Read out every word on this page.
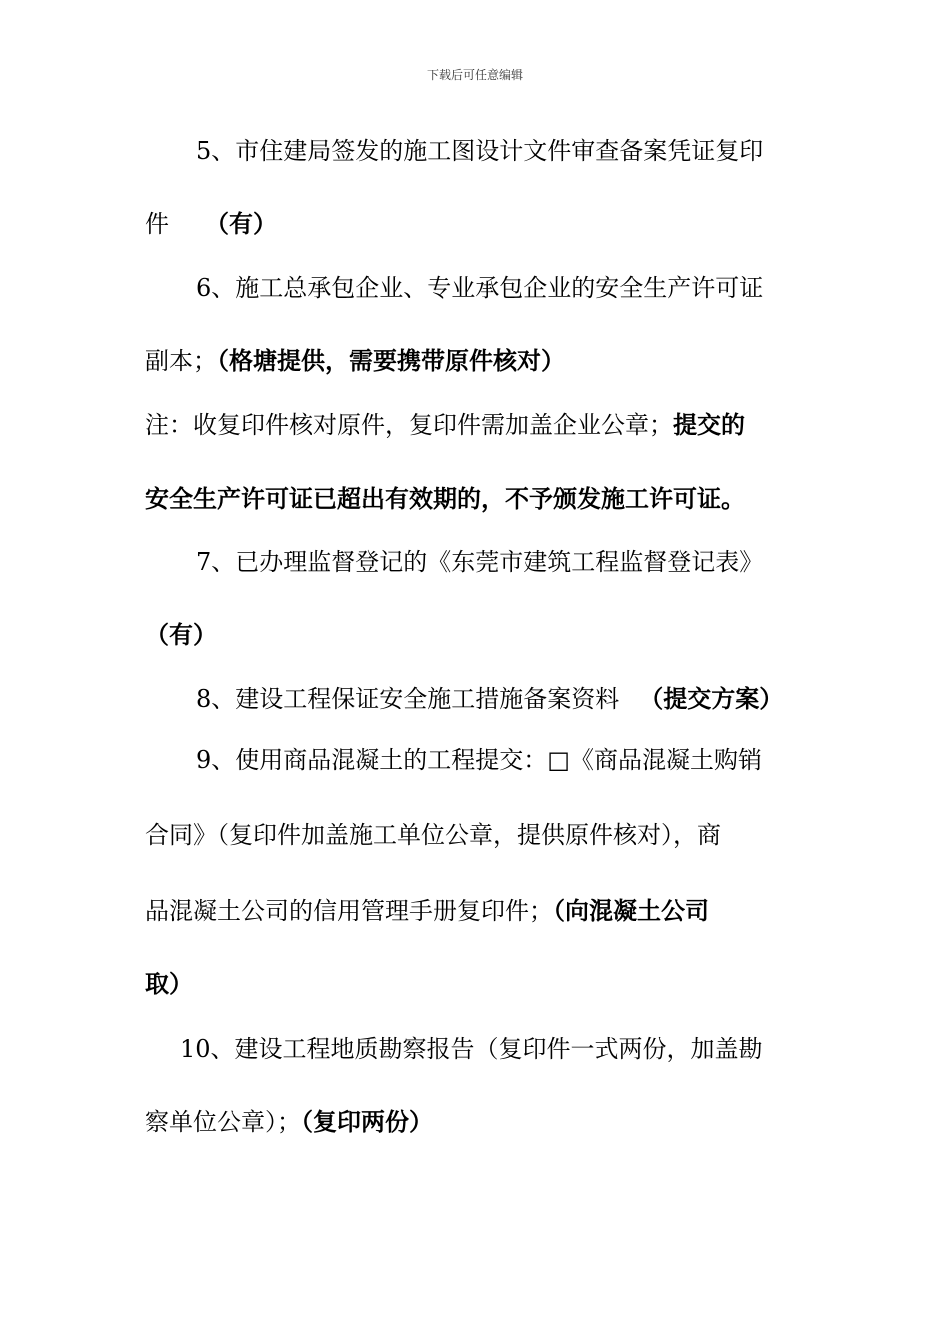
下载后可任意编辑
5、市住建局签发的施工图设计文件审查备案凭证复印
件 （有）
6、施工总承包企业、专业承包企业的安全生产许可证
副本；（格塘提供，需要携带原件核对）
注：收复印件核对原件，复印件需加盖企业公章；提交的
安全生产许可证已超出有效期的，不予颁发施工许可证。
7、已办理监督登记的《东莞市建筑工程监督登记表》
（有）
8、建设工程保证安全施工措施备案资料 （提交方案）
9、使用商品混凝土的工程提交：□《商品混凝土购销
合同》（复印件加盖施工单位公章，提供原件核对），商
品混凝土公司的信用管理手册复印件；（向混凝土公司
取）
10、建设工程地质勘察报告（复印件一式两份，加盖勘
察单位公章）；（复印两份）
